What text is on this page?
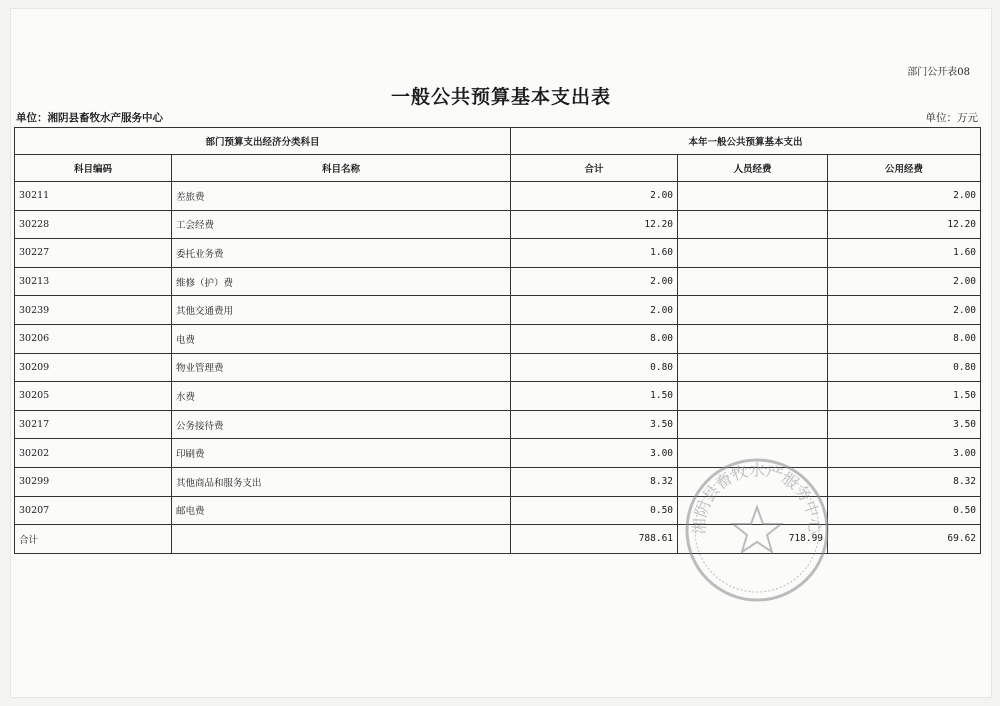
部门公开表08
一般公共预算基本支出表
单位：湘阴县畜牧水产服务中心	单位：万元
部门预算支出经济分类科目		本年一般公共预算基本支出		
科目编码	科目名称	合计	人员经费	公用经费
30211	差旅费	2.00		2.00
30228	工会经费	12.20		12.20
30227	委托业务费	1.60		1.60
30213	维修（护）费	2.00		2.00
30239	其他交通费用	2.00		2.00
30206	电费	8.00		8.00
30209	物业管理费	0.80		0.80
30205	水费	1.50		1.50
30217	公务接待费	3.50		3.50
30202	印刷费	3.00		3.00
30299	其他商品和服务支出	8.32		8.32
30207	邮电费	0.50		0.50
合计		788.61	718.99	69.62
湘阴县畜牧水产服务中心
